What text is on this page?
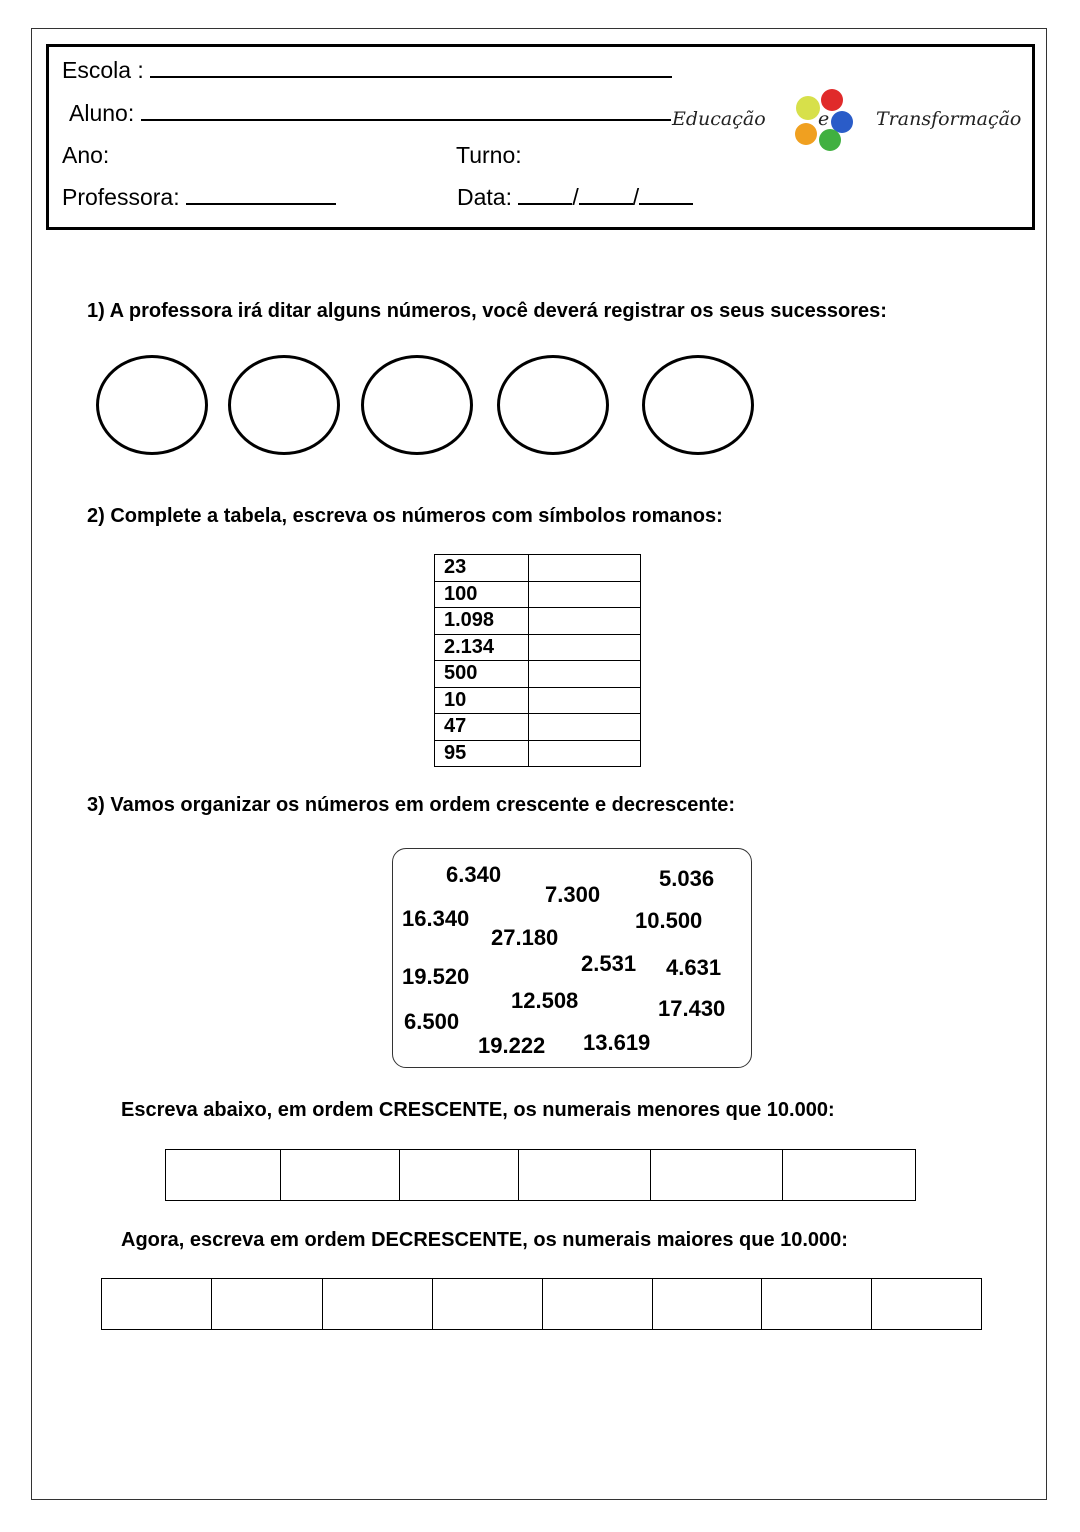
Escola :
Aluno:
Ano:	Turno:
Professora:	Data:	/ /
Educação	e Transformação
1) A professora irá ditar alguns números, você deverá registrar os seus sucessores:
2) Complete a tabela, escreva os números com símbolos romanos:
23	
100	
1.098	
2.134	
500	
10	
47	
95	
3) Vamos organizar os números em ordem crescente e decrescente:
6.340
7.300
5.036
16.340	10.500
27.180
2.531 4.631
19.520
12.508	17.430
6.500
19.222 13.619
Escreva abaixo, em ordem CRESCENTE, os numerais menores que 10.000:
Agora, escreva em ordem DECRESCENTE, os numerais maiores que 10.000:
